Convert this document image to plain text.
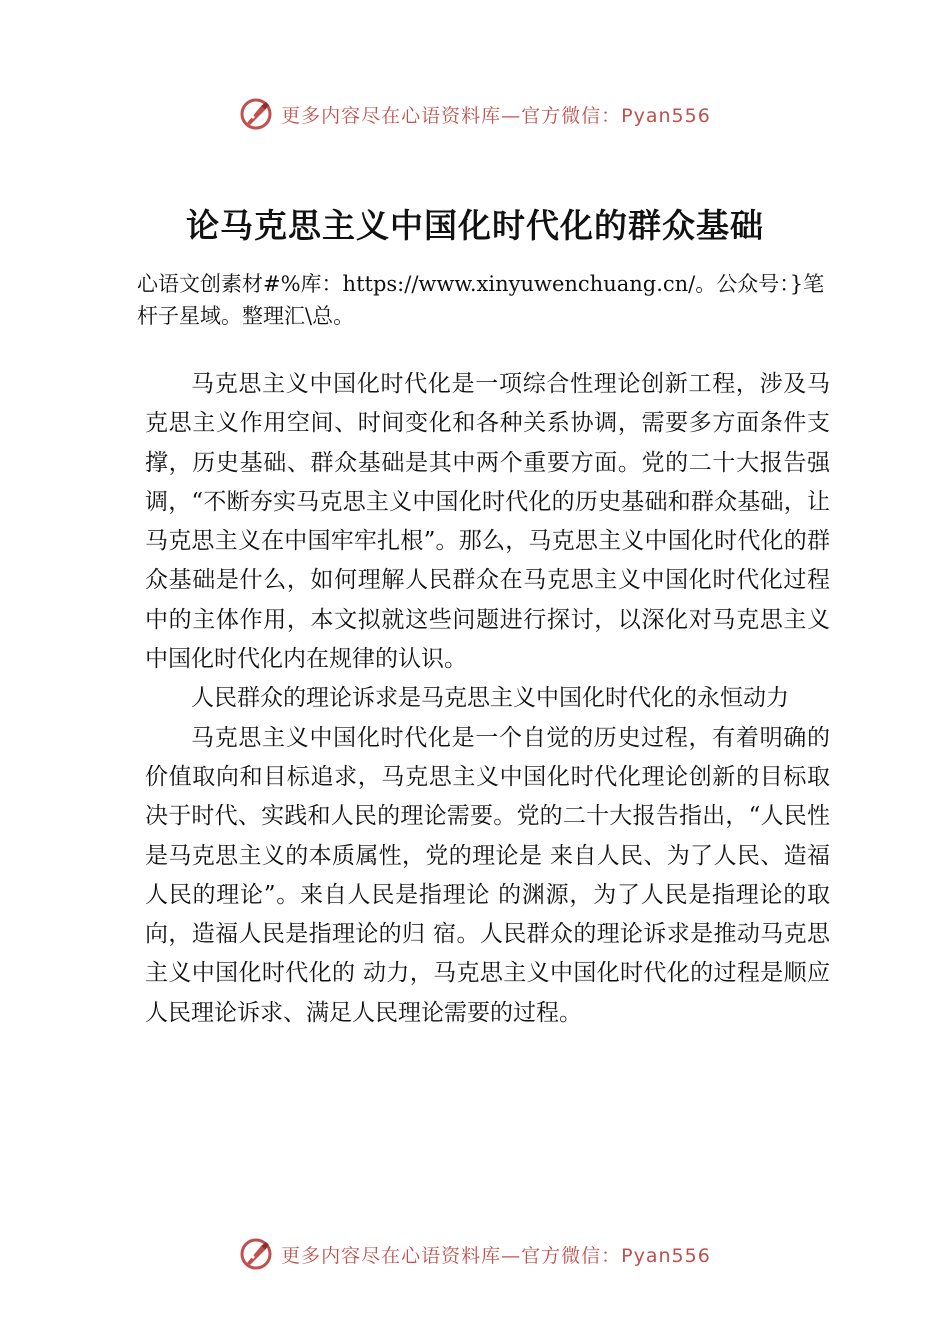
更多内容尽在心语资料库—官方微信：Pyan556
论马克思主义中国化时代化的群众基础

心语文创素材#%库：https://www.xinyuwenchuang.cn/。公众号：}笔杆子星域。整理汇\总。

马克思主义中国化时代化是一项综合性理论创新工程，涉及马克思主义作用空间、时间变化和各种关系协调，需要多方面条件支撑，历史基础、群众基础是其中两个重要方面。党的二十大报告强调，“不断夯实马克思主义中国化时代化的历史基础和群众基础，让马克思主义在中国牢牢扎根”。那么，马克思主义中国化时代化的群众基础是什么，如何理解人民群众在马克思主义中国化时代化过程中的主体作用，本文拟就这些问题进行探讨，以深化对马克思主义中国化时代化内在规律的认识。

人民群众的理论诉求是马克思主义中国化时代化的永恒动力

马克思主义中国化时代化是一个自觉的历史过程，有着明确的价值取向和目标追求，马克思主义中国化时代化理论创新的目标取决于时代、实践和人民的理论需要。党的二十大报告指出，“人民性是马克思主义的本质属性，党的理论是 来自人民、为了人民、造福人民的理论”。来自人民是指理论 的渊源，为了人民是指理论的取向，造福人民是指理论的归 宿。人民群众的理论诉求是推动马克思主义中国化时代化的 动力，马克思主义中国化时代化的过程是顺应人民理论诉求、满足人民理论需要的过程。

更多内容尽在心语资料库—官方微信：Pyan556
